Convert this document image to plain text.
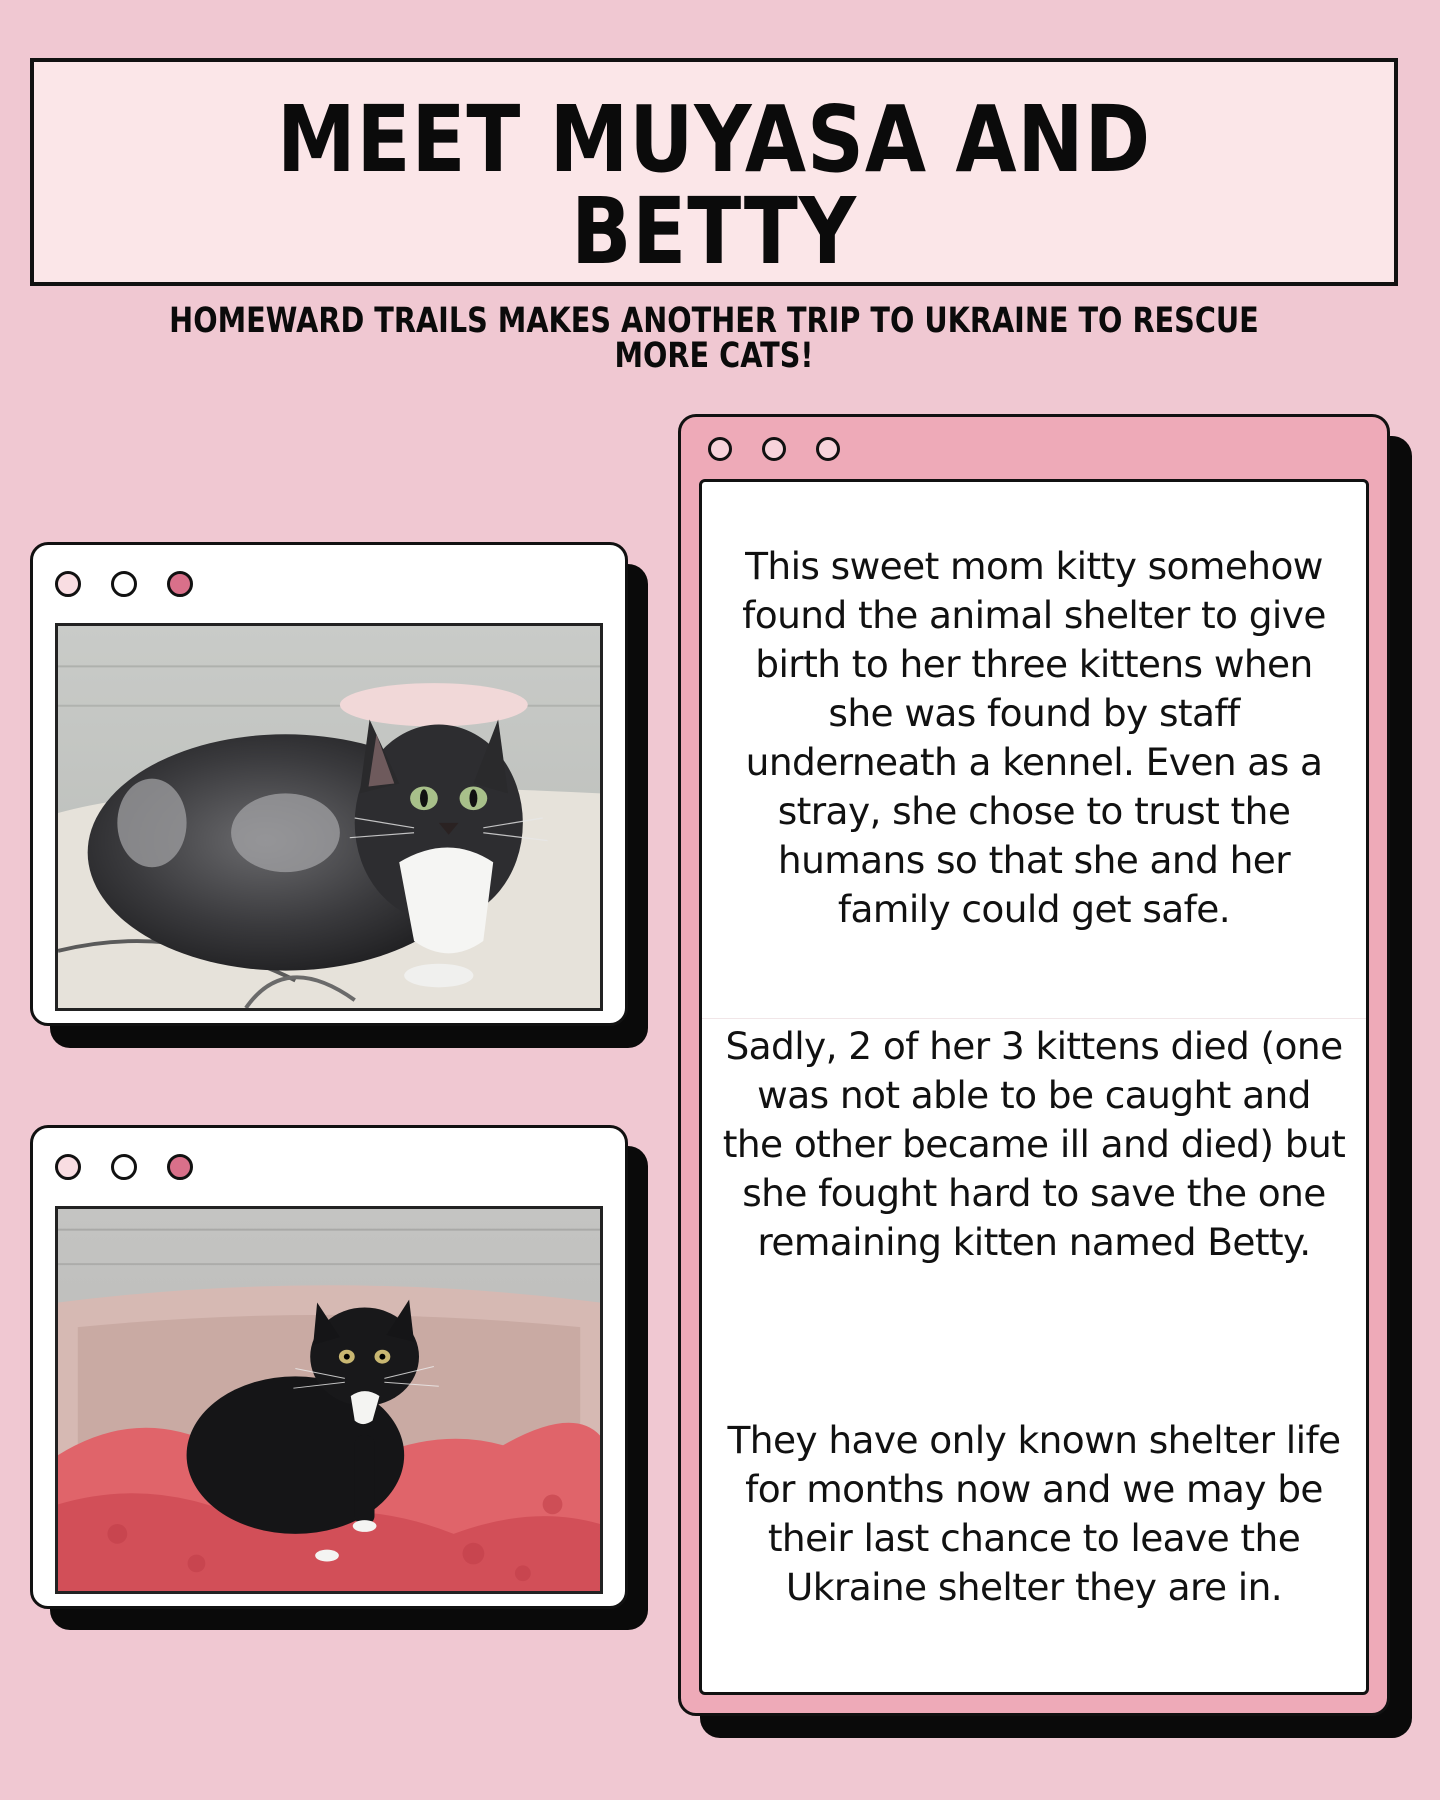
MEET MUYASA AND BETTY
HOMEWARD TRAILS MAKES ANOTHER TRIP TO UKRAINE TO RESCUE MORE CATS!

This sweet mom kitty somehow found the animal shelter to give birth to her three kittens when she was found by staff underneath a kennel. Even as a stray, she chose to trust the humans so that she and her family could get safe.

Sadly, 2 of her 3 kittens died (one was not able to be caught and the other became ill and died) but she fought hard to save the one remaining kitten named Betty.

They have only known shelter life for months now and we may be their last chance to leave the Ukraine shelter they are in.
